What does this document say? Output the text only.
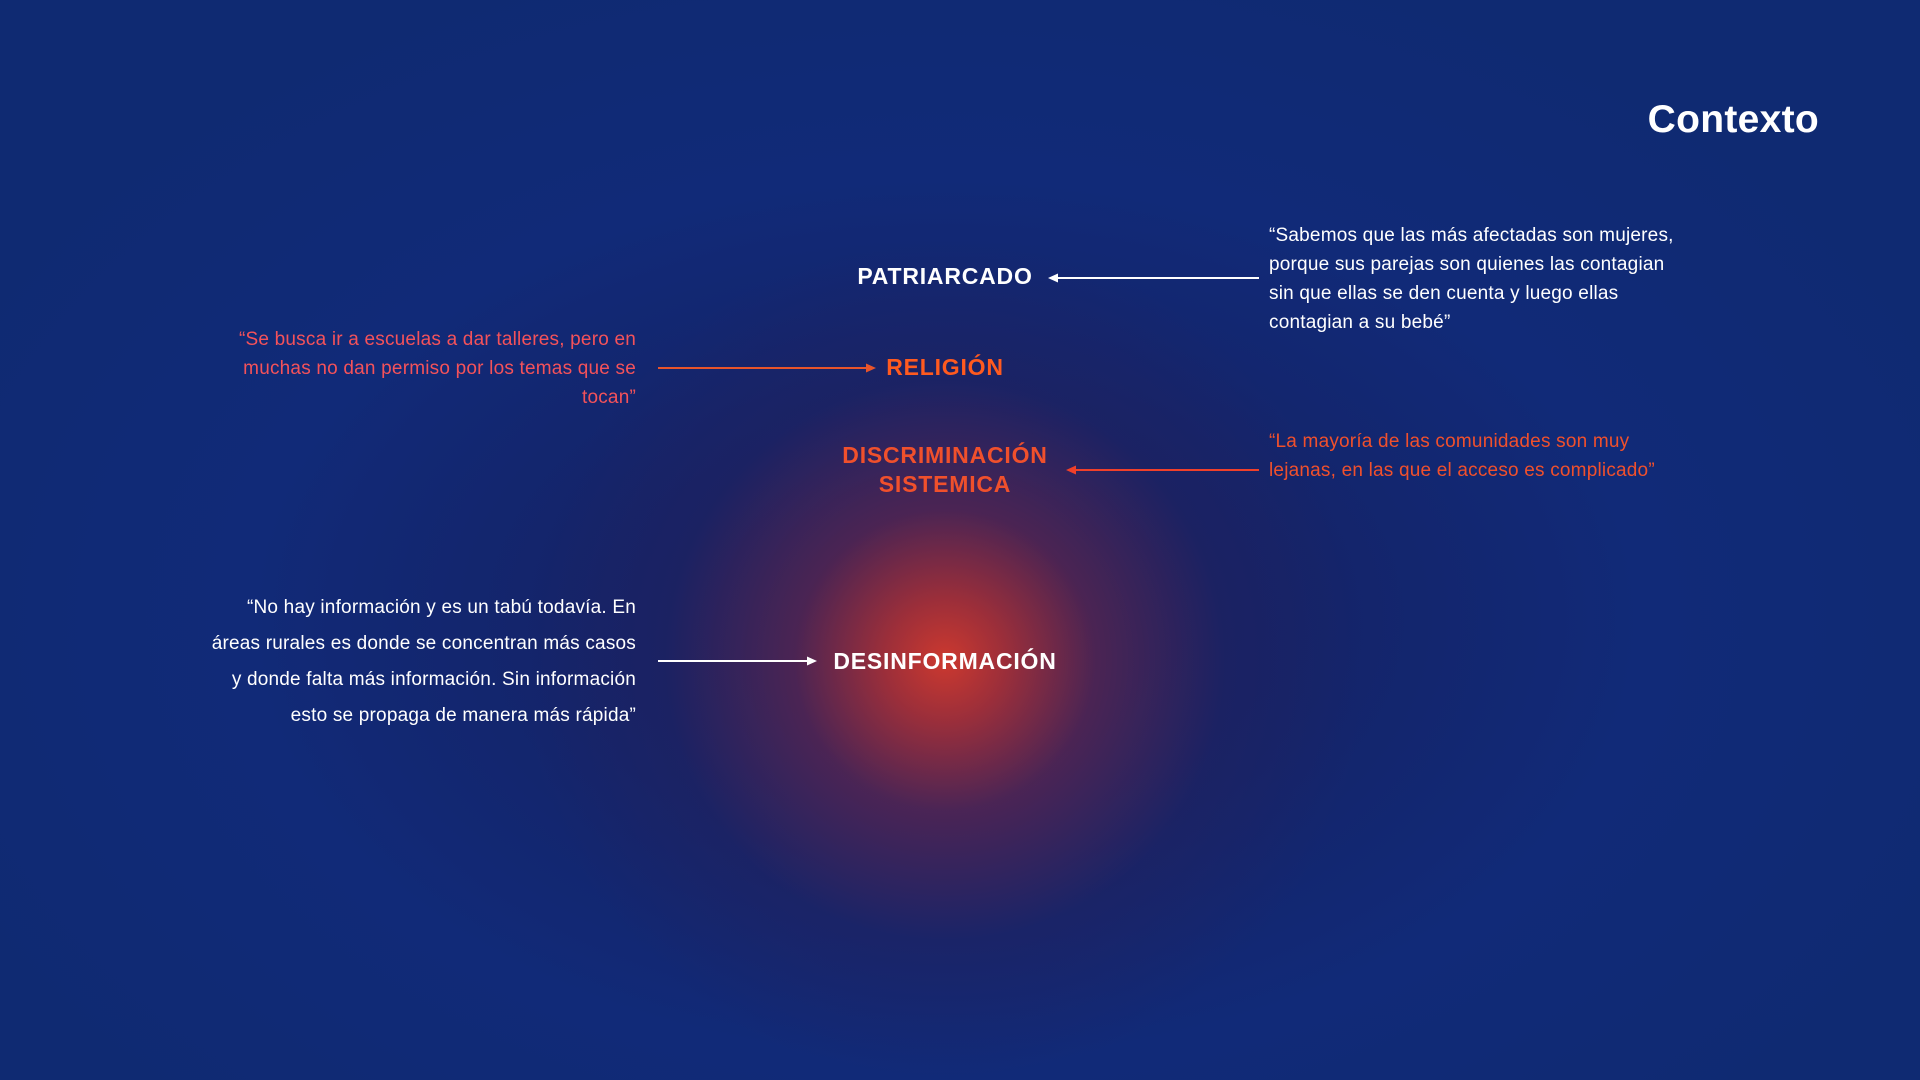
Contexto
PATRIARCADO
RELIGIÓN
DISCRIMINACIÓN
SISTEMICA
DESINFORMACIÓN
“Sabemos que las más afectadas son mujeres, porque sus parejas son quienes las contagian sin que ellas se den cuenta y luego ellas contagian a su bebé”
“Se busca ir a escuelas a dar talleres, pero en muchas no dan permiso por los temas que se tocan”
“La mayoría de las comunidades son muy lejanas, en las que el acceso es complicado”
“No hay información y es un tabú todavía. En áreas rurales es donde se concentran más casos y donde falta más información. Sin información esto se propaga de manera más rápida”
